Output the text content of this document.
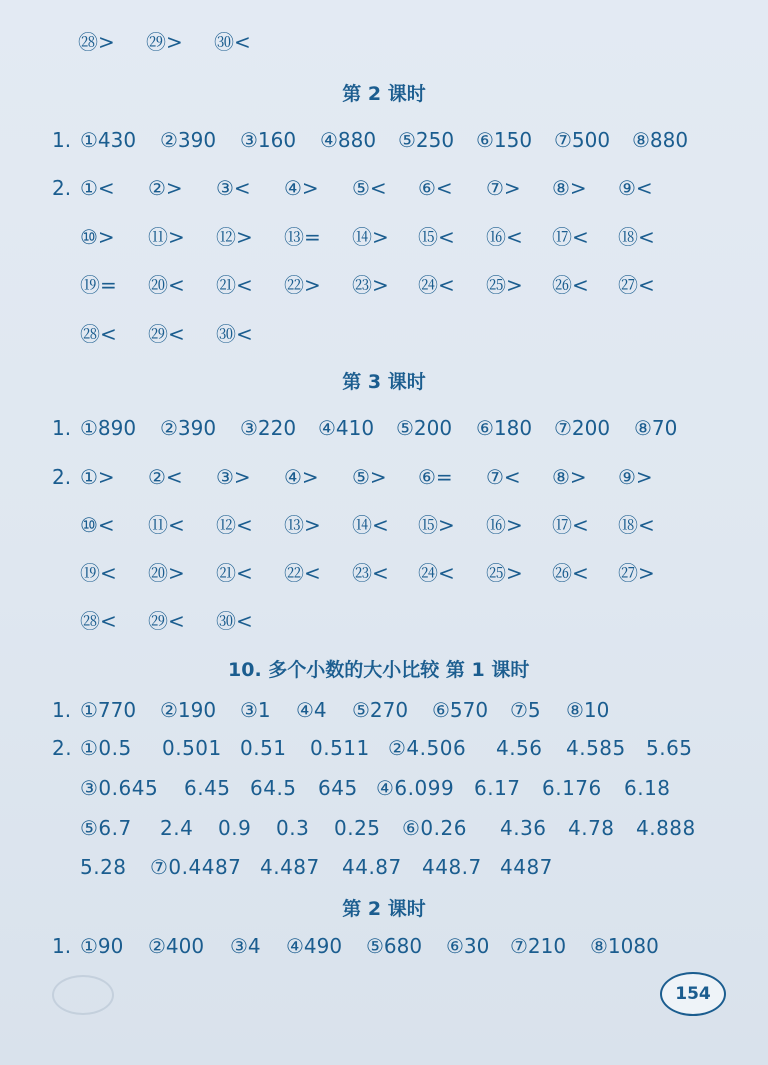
㉘> ㉙> ㉚<
第 2 课时
1. ①430 ②390 ③160 ④880 ⑤250 ⑥150 ⑦500 ⑧880
2. ①< ②> ③< ④> ⑤< ⑥< ⑦> ⑧> ⑨<
⑩> ⑪> ⑫> ⑬= ⑭> ⑮< ⑯< ⑰< ⑱<
⑲= ⑳< ㉑< ㉒> ㉓> ㉔< ㉕> ㉖< ㉗<
㉘< ㉙< ㉚<
第 3 课时
1. ①890 ②390 ③220 ④410 ⑤200 ⑥180 ⑦200 ⑧70
2. ①> ②< ③> ④> ⑤> ⑥= ⑦< ⑧> ⑨>
⑩< ⑪< ⑫< ⑬> ⑭< ⑮> ⑯> ⑰< ⑱<
⑲< ⑳> ㉑< ㉒< ㉓< ㉔< ㉕> ㉖< ㉗>
㉘< ㉙< ㉚<
10. 多个小数的大小比较 第 1 课时
1. ①770 ②190 ③1 ④4 ⑤270 ⑥570 ⑦5 ⑧10
2. ①0.5 0.501 0.51 0.511 ②4.506 4.56 4.585 5.65
③0.645 6.45 64.5 645 ④6.099 6.17 6.176 6.18
⑤6.7 2.4 0.9 0.3 0.25 ⑥0.26 4.36 4.78 4.888
5.28 ⑦0.4487 4.487 44.87 448.7 4487
第 2 课时
1. ①90 ②400 ③4 ④490 ⑤680 ⑥30 ⑦210 ⑧1080
154
